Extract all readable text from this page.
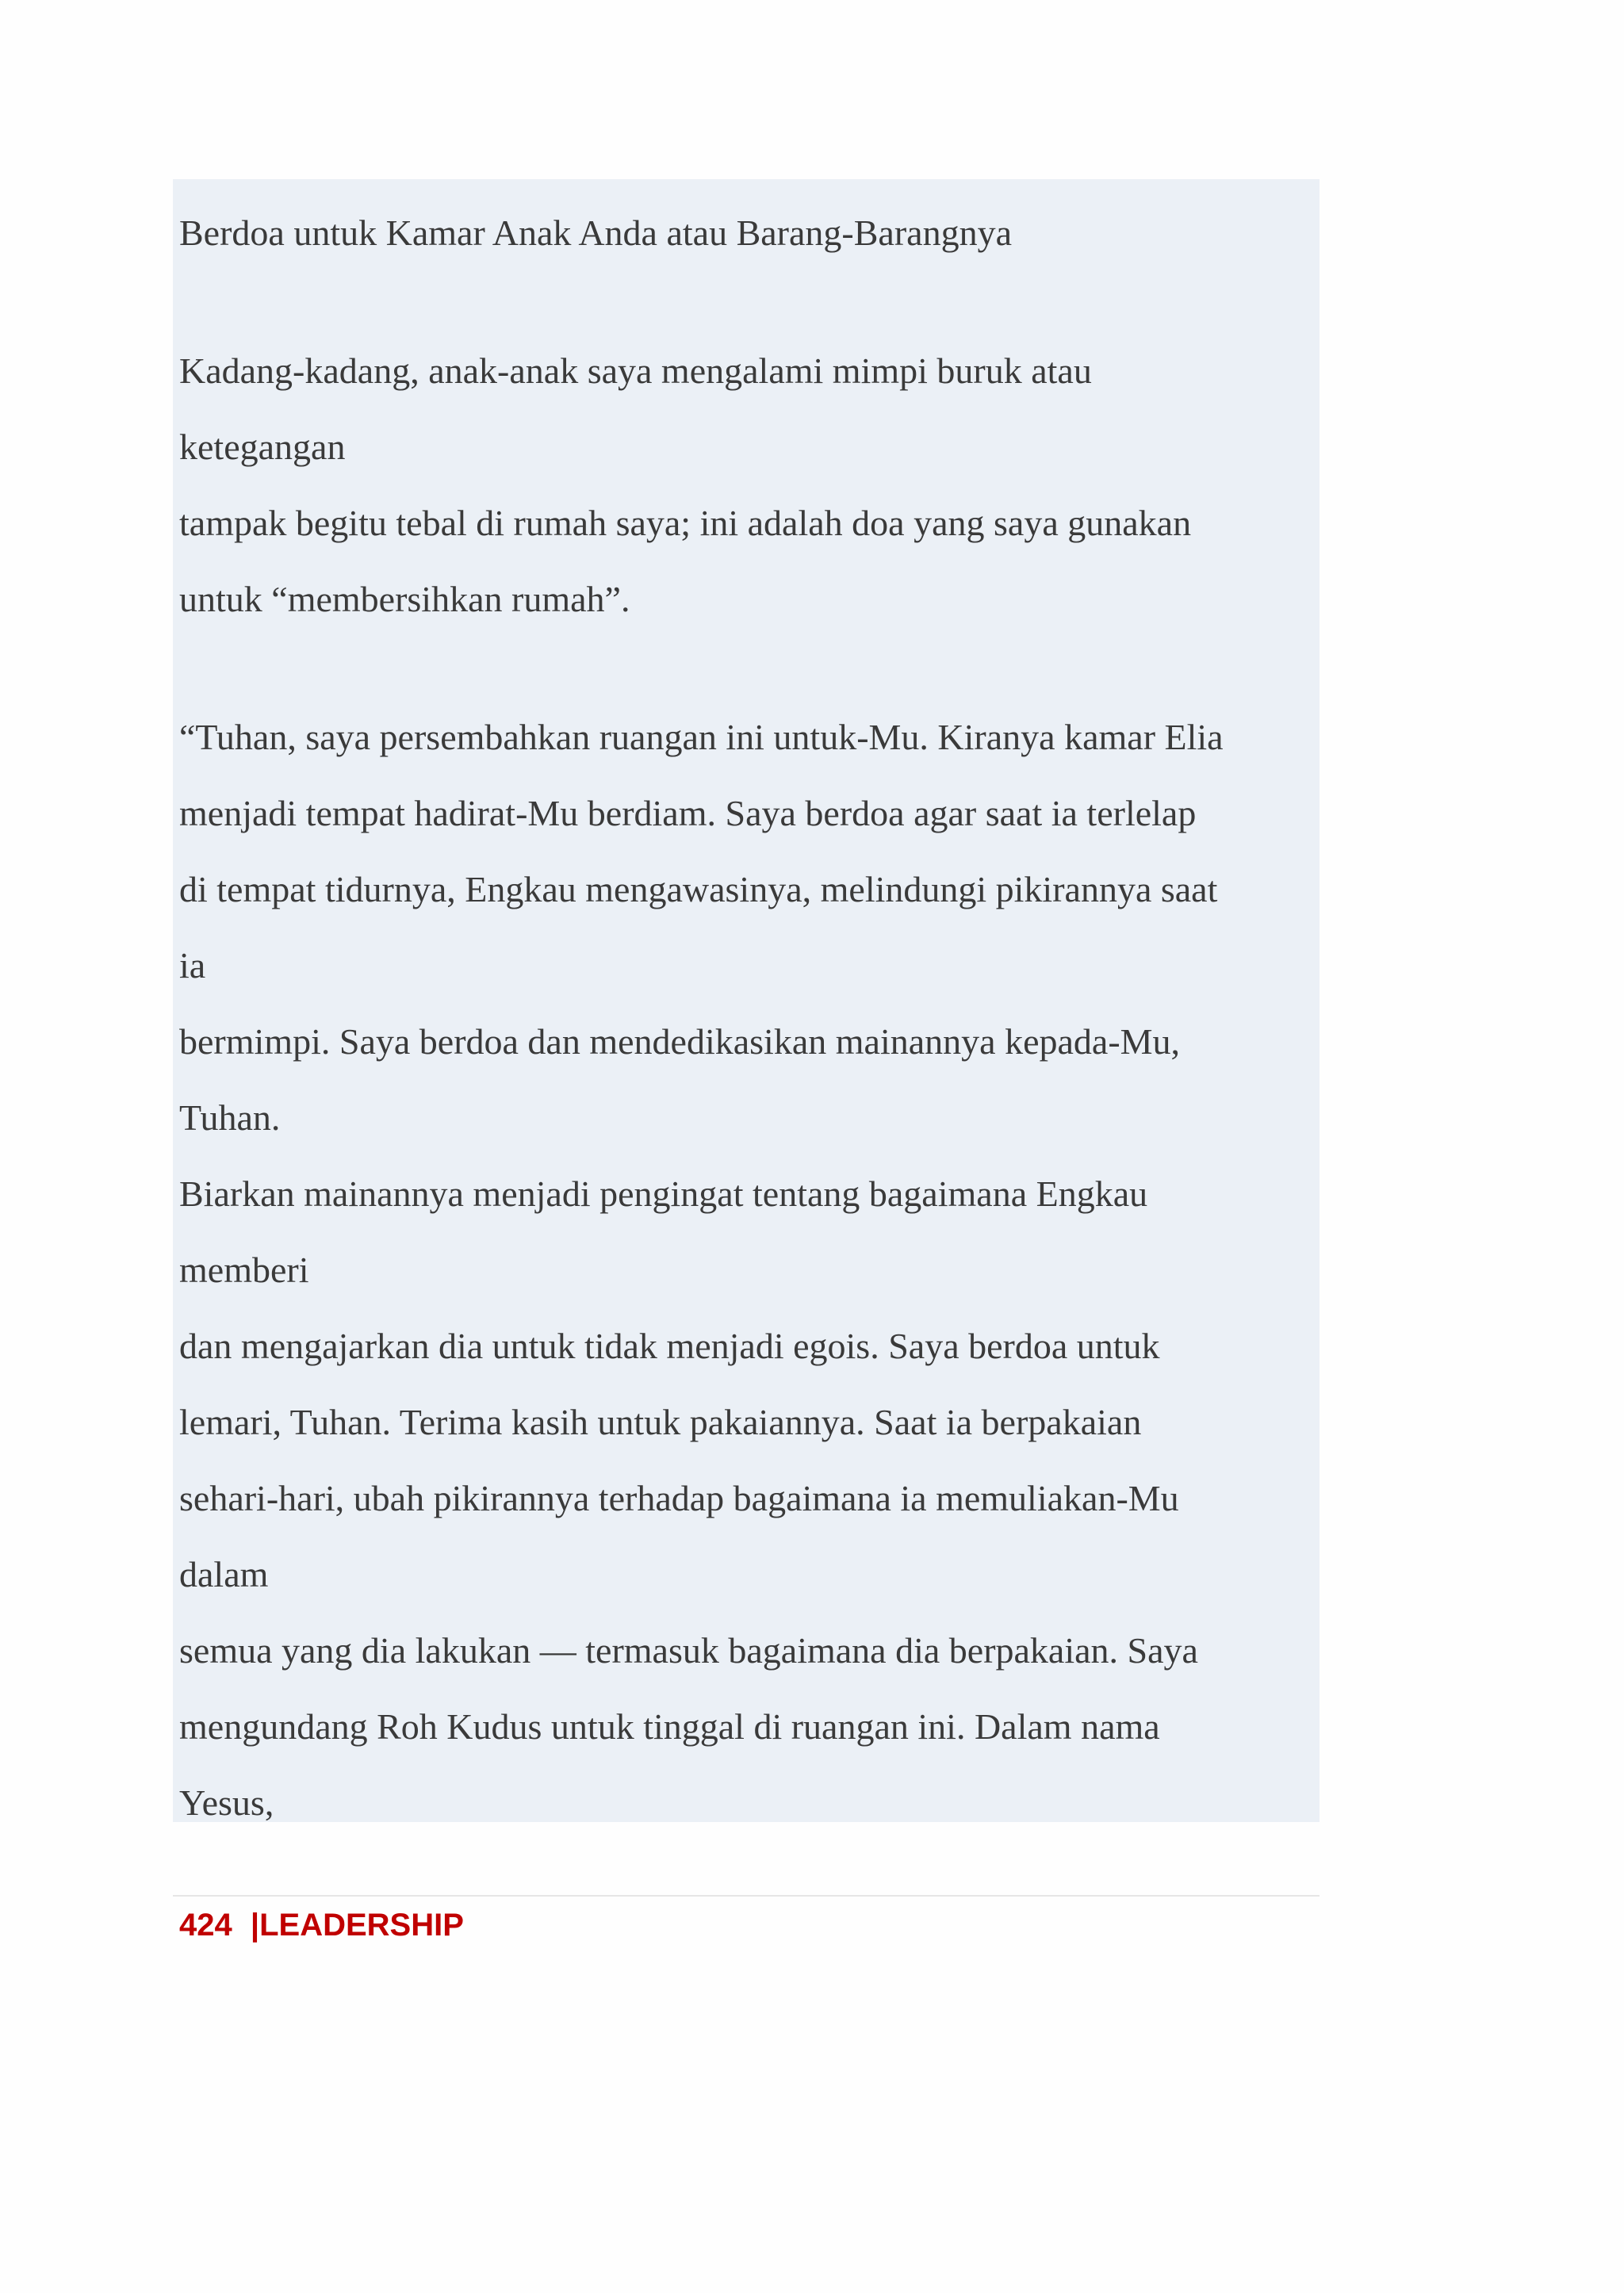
Berdoa untuk Kamar Anak Anda atau Barang-Barangnya
Kadang-kadang, anak-anak saya mengalami mimpi buruk atau
ketegangan
tampak begitu tebal di rumah saya; ini adalah doa yang saya gunakan
untuk “membersihkan rumah”.
“Tuhan, saya persembahkan ruangan ini untuk-Mu. Kiranya kamar Elia
menjadi tempat hadirat-Mu berdiam. Saya berdoa agar saat ia terlelap
di tempat tidurnya, Engkau mengawasinya, melindungi pikirannya saat
ia
bermimpi. Saya berdoa dan mendedikasikan mainannya kepada-Mu,
Tuhan.
Biarkan mainannya menjadi pengingat tentang bagaimana Engkau
memberi
dan mengajarkan dia untuk tidak menjadi egois. Saya berdoa untuk
lemari, Tuhan. Terima kasih untuk pakaiannya. Saat ia berpakaian
sehari-hari, ubah pikirannya terhadap bagaimana ia memuliakan-Mu
dalam
semua yang dia lakukan — termasuk bagaimana dia berpakaian. Saya
mengundang Roh Kudus untuk tinggal di ruangan ini. Dalam nama
Yesus,
424 |LEADERSHIP
